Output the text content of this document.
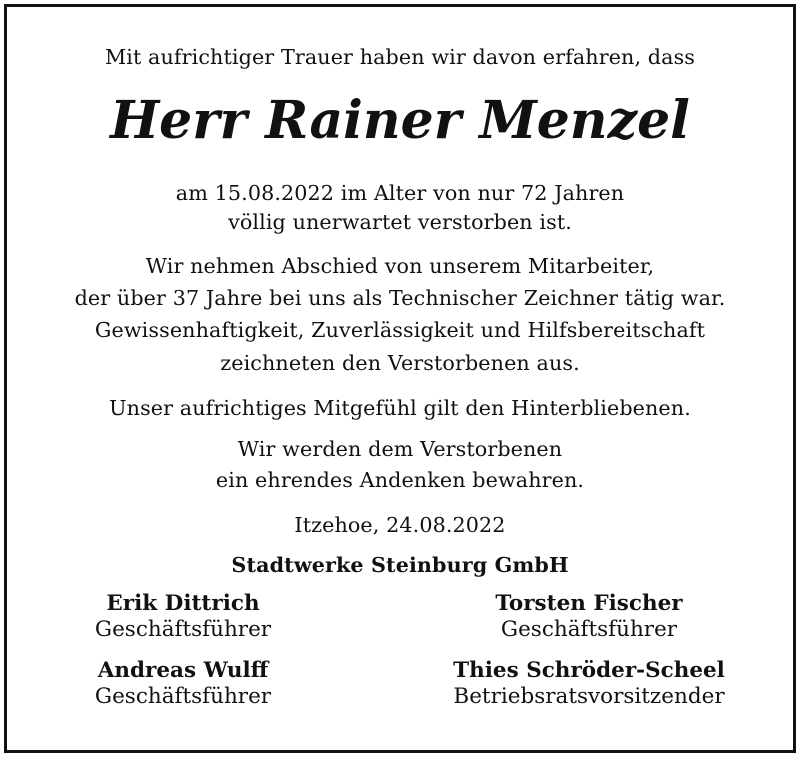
Mit aufrichtiger Trauer haben wir davon erfahren, dass
Herr Rainer Menzel
am 15.08.2022 im Alter von nur 72 Jahren
völlig unerwartet verstorben ist.
Wir nehmen Abschied von unserem Mitarbeiter,
der über 37 Jahre bei uns als Technischer Zeichner tätig war.
Gewissenhaftigkeit, Zuverlässigkeit und Hilfsbereitschaft
zeichneten den Verstorbenen aus.
Unser aufrichtiges Mitgefühl gilt den Hinterbliebenen.
Wir werden dem Verstorbenen
ein ehrendes Andenken bewahren.
Itzehoe, 24.08.2022
Stadtwerke Steinburg GmbH
Erik Dittrich
Geschäftsführer
Torsten Fischer
Geschäftsführer
Andreas Wulff
Geschäftsführer
Thies Schröder-Scheel
Betriebsratsvorsitzender
